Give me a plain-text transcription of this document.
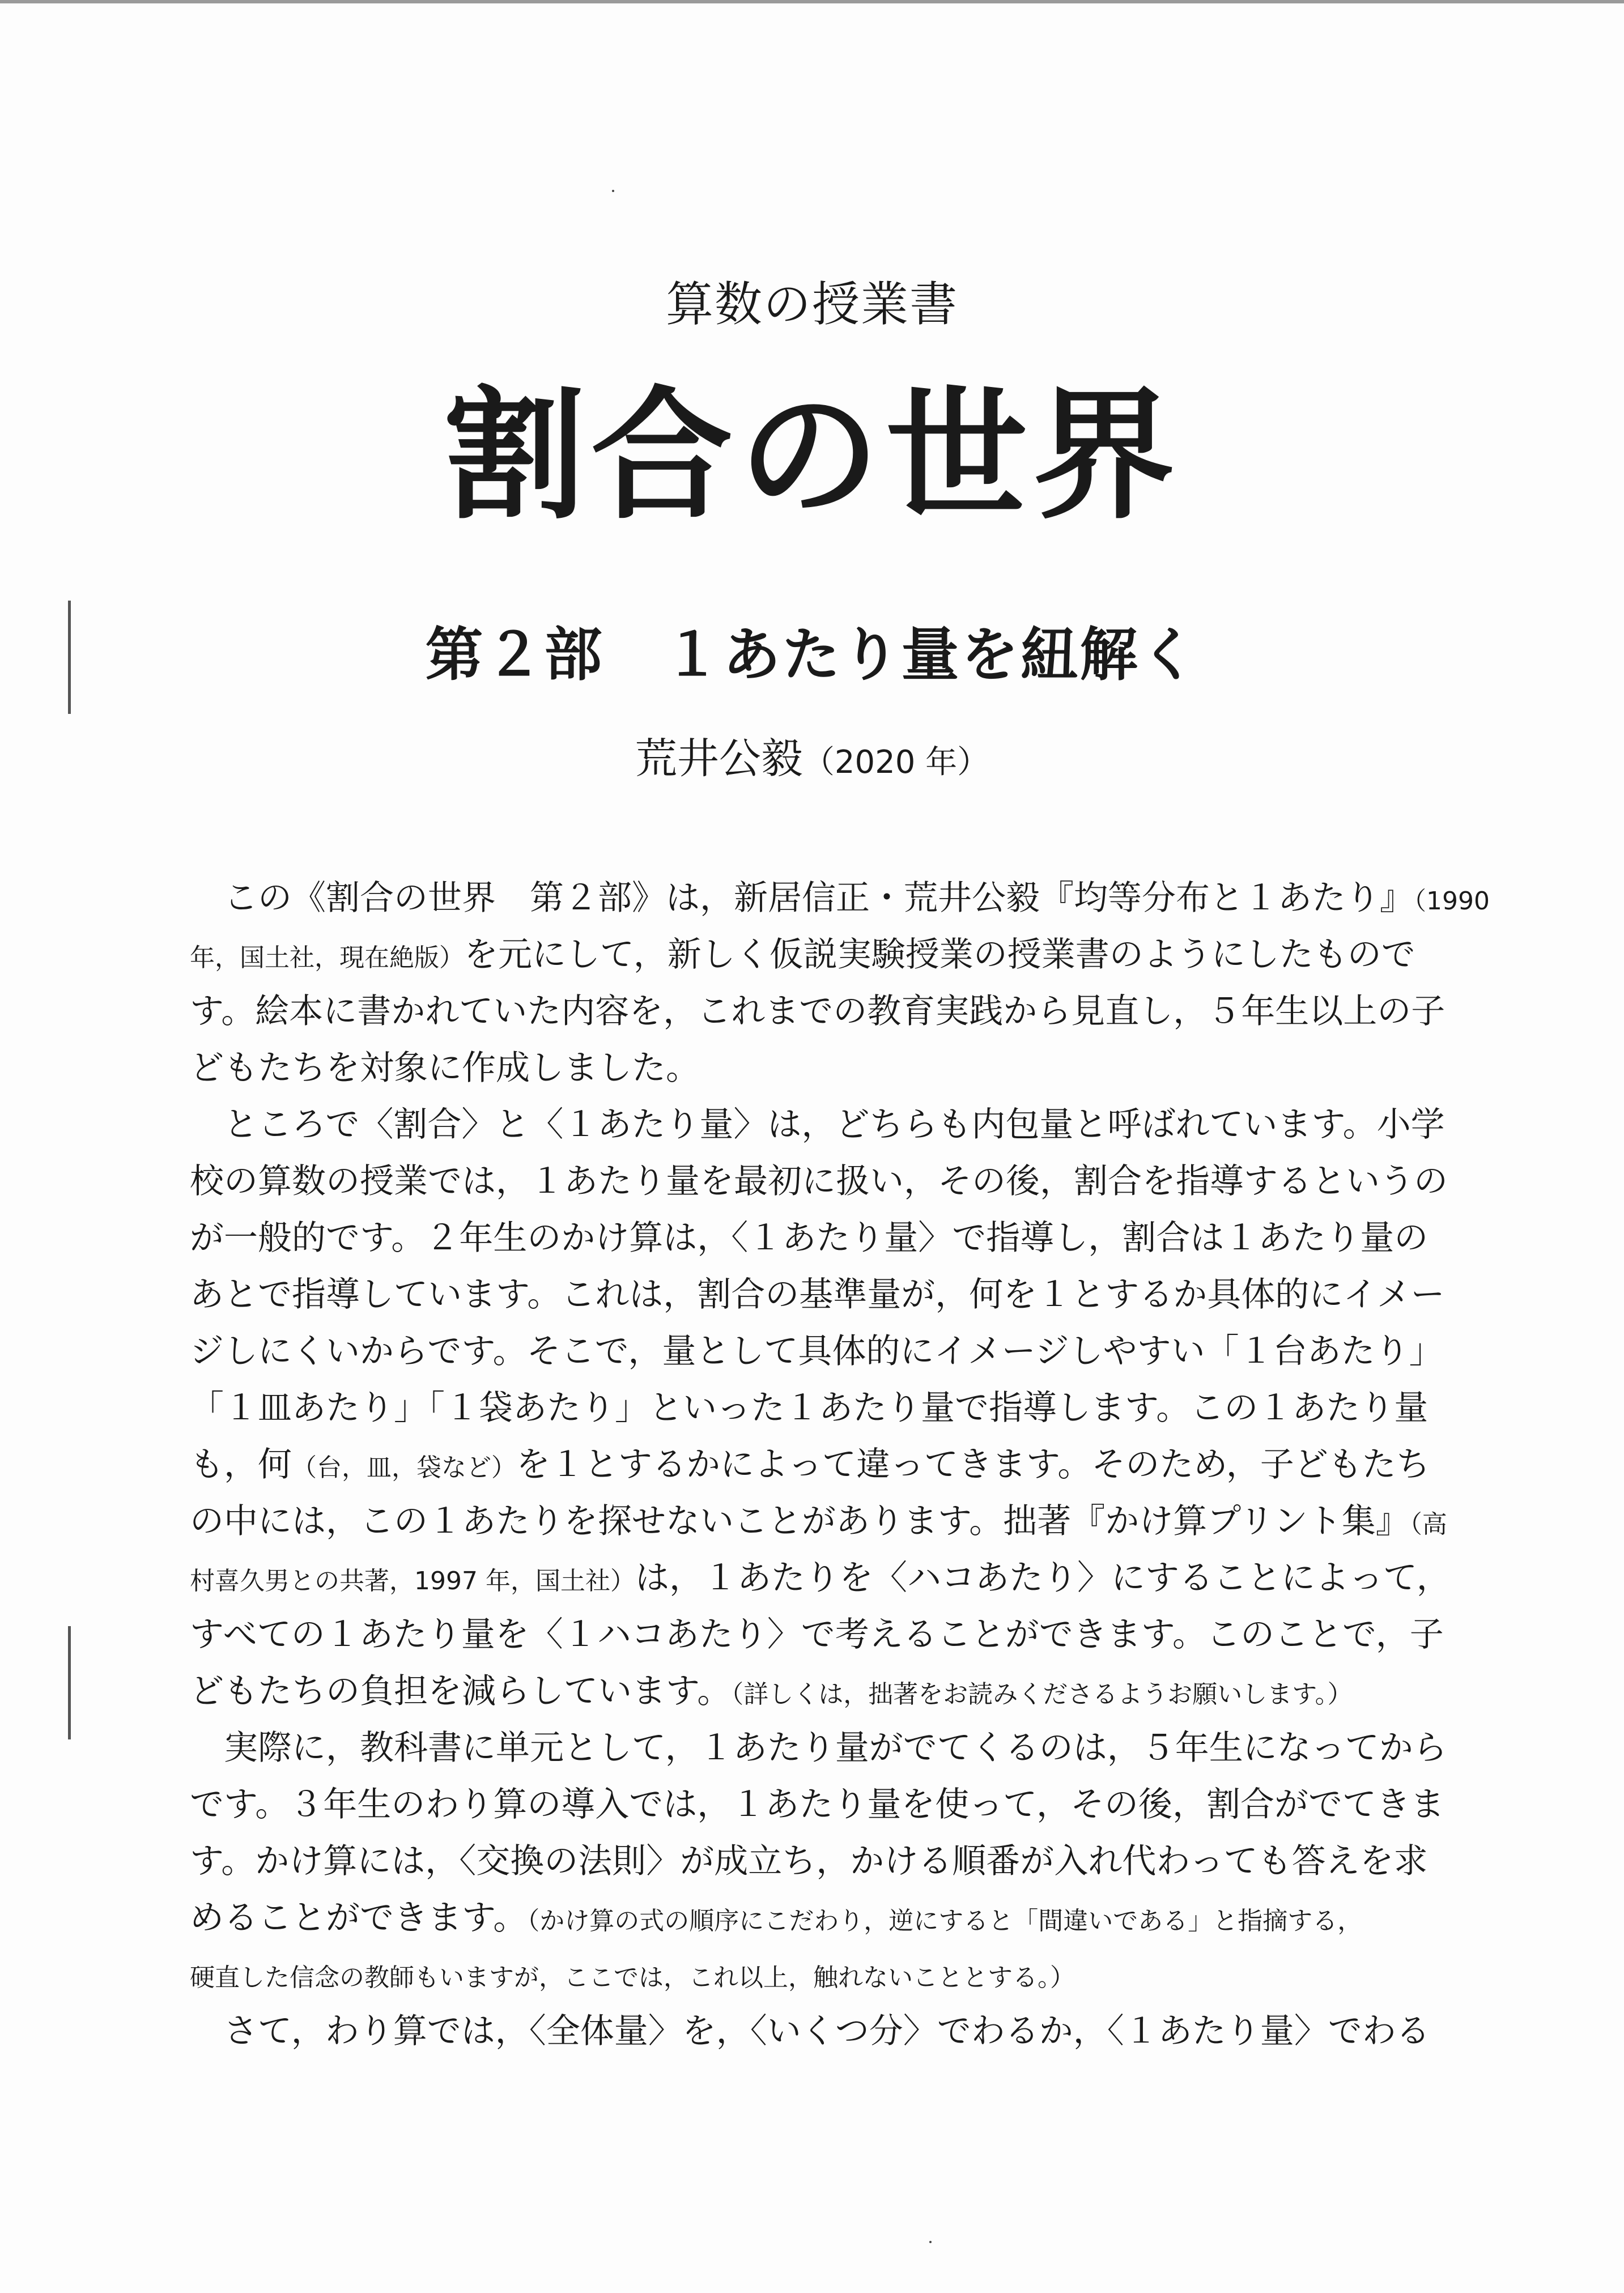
算数の授業書
割合の世界
第２部　１あたり量を紐解く
荒井公毅（2020 年）
　この《割合の世界　第２部》は，新居信正・荒井公毅『均等分布と１あたり』（1990
年，国土社，現在絶版）を元にして，新しく仮説実験授業の授業書のようにしたもので
す。絵本に書かれていた内容を，これまでの教育実践から見直し，５年生以上の子
どもたちを対象に作成しました。
　ところで〈割合〉と〈１あたり量〉は，どちらも内包量と呼ばれています。小学
校の算数の授業では，１あたり量を最初に扱い，その後，割合を指導するというの
が一般的です。２年生のかけ算は，〈１あたり量〉で指導し，割合は１あたり量の
あとで指導しています。これは，割合の基準量が，何を１とするか具体的にイメー
ジしにくいからです。そこで，量として具体的にイメージしやすい「１台あたり」
「１皿あたり」「１袋あたり」といった１あたり量で指導します。この１あたり量
も，何（台，皿，袋など）を１とするかによって違ってきます。そのため，子どもたち
の中には，この１あたりを探せないことがあります。拙著『かけ算プリント集』（高
村喜久男との共著，1997 年，国土社）は，１あたりを〈ハコあたり〉にすることによって，
すべての１あたり量を〈１ハコあたり〉で考えることができます。このことで，子
どもたちの負担を減らしています。（詳しくは，拙著をお読みくださるようお願いします。）
　実際に，教科書に単元として，１あたり量がでてくるのは，５年生になってから
です。３年生のわり算の導入では，１あたり量を使って，その後，割合がでてきま
す。かけ算には，〈交換の法則〉が成立ち，かける順番が入れ代わっても答えを求
めることができます。（かけ算の式の順序にこだわり，逆にすると「間違いである」と指摘する，
硬直した信念の教師もいますが，ここでは，これ以上，触れないこととする。）
　さて，わり算では，〈全体量〉を，〈いくつ分〉でわるか，〈１あたり量〉でわる
